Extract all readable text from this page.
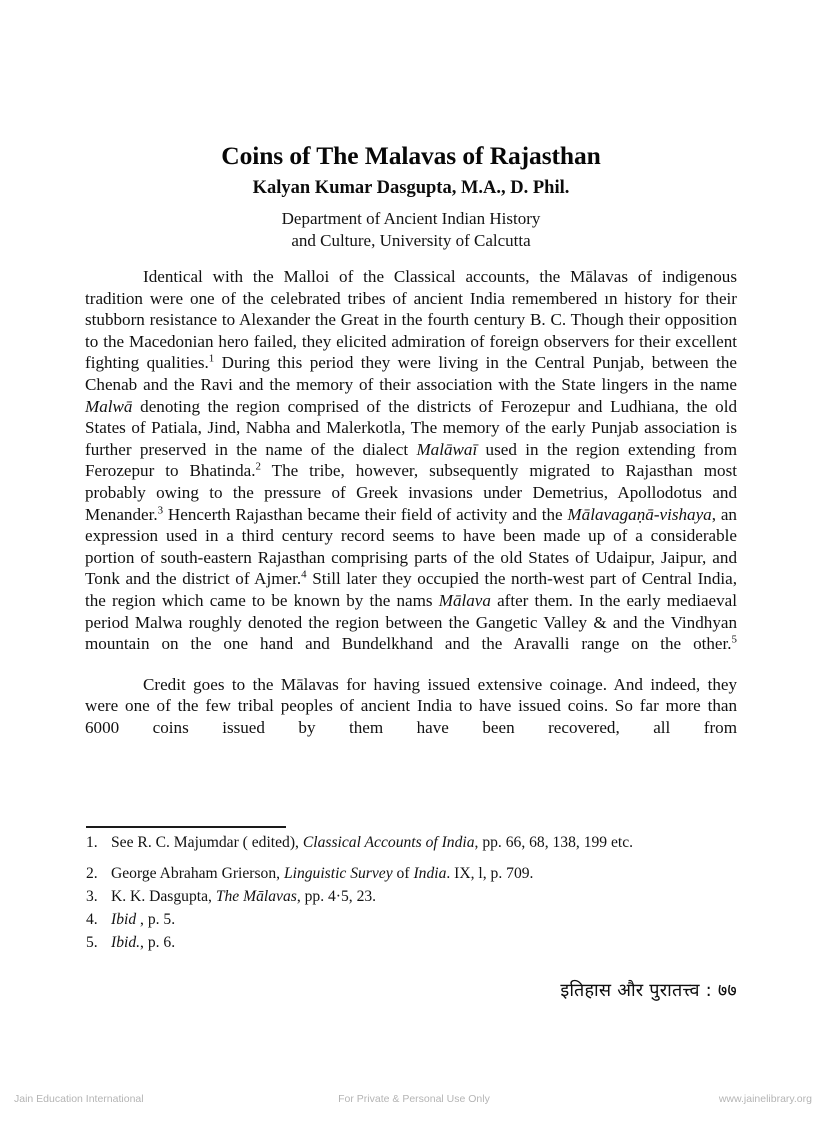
Coins of The Malavas of Rajasthan
Kalyan Kumar Dasgupta, M.A., D. Phil.
Department of Ancient Indian History
and Culture, University of Calcutta

Identical with the Malloi of the Classical accounts, the Mālavas of indigenous tradition were one of the celebrated tribes of ancient India remembered ın history for their stubborn resistance to Alexander the Great in the fourth century B. C. Though their opposition to the Macedonian hero failed, they elicited admiration of foreign observers for their excellent fighting qualities.$^1$ During this period they were living in the Central Punjab, between the Chenab and the Ravi and the memory of their association with the State lingers in the name Malwā denoting the region comprised of the districts of Ferozepur and Ludhiana, the old States of Patiala, Jind, Nabha and Malerkotla, The memory of the early Punjab association is further preserved in the name of the dialect Malāwaī used in the region extending from Ferozepur to Bhatinda.$^2$ The tribe, however, subsequently migrated to Rajasthan most probably owing to the pressure of Greek invasions under Demetrius, Apollodotus and Menander.$^3$ Hencerth Rajasthan became their field of activity and the Mālavagaṇā-vishaya, an expression used in a third century record seems to have been made up of a considerable portion of south-eastern Rajasthan comprising parts of the old States of Udaipur, Jaipur, and Tonk and the district of Ajmer.$^4$ Still later they occupied the north-west part of Central India, the region which came to be known by the nams Mālava after them. In the early mediaeval period Malwa roughly denoted the region between the Gangetic Valley & and the Vindhyan mountain on the one hand and Bundelkhand and the Aravalli range on the other.$^5$

Credit goes to the Mālavas for having issued extensive coinage. And indeed, they were one of the few tribal peoples of ancient India to have issued coins. So far more than 6000 coins issued by them have been recovered, all from

1. See R. C. Majumdar ( edited), Classical Accounts of India, pp. 66, 68, 138, 199 etc.
2. George Abraham Grierson, Linguistic Survey of India. IX, l, p. 709.
3. K. K. Dasgupta, The Mālavas, pp. 4·5, 23.
4. Ibid , p. 5.
5. Ibid., p. 6.
इतिहास और पुरातत्त्व : ७७
Jain Education International	For Private & Personal Use Only	www.jainelibrary.org
